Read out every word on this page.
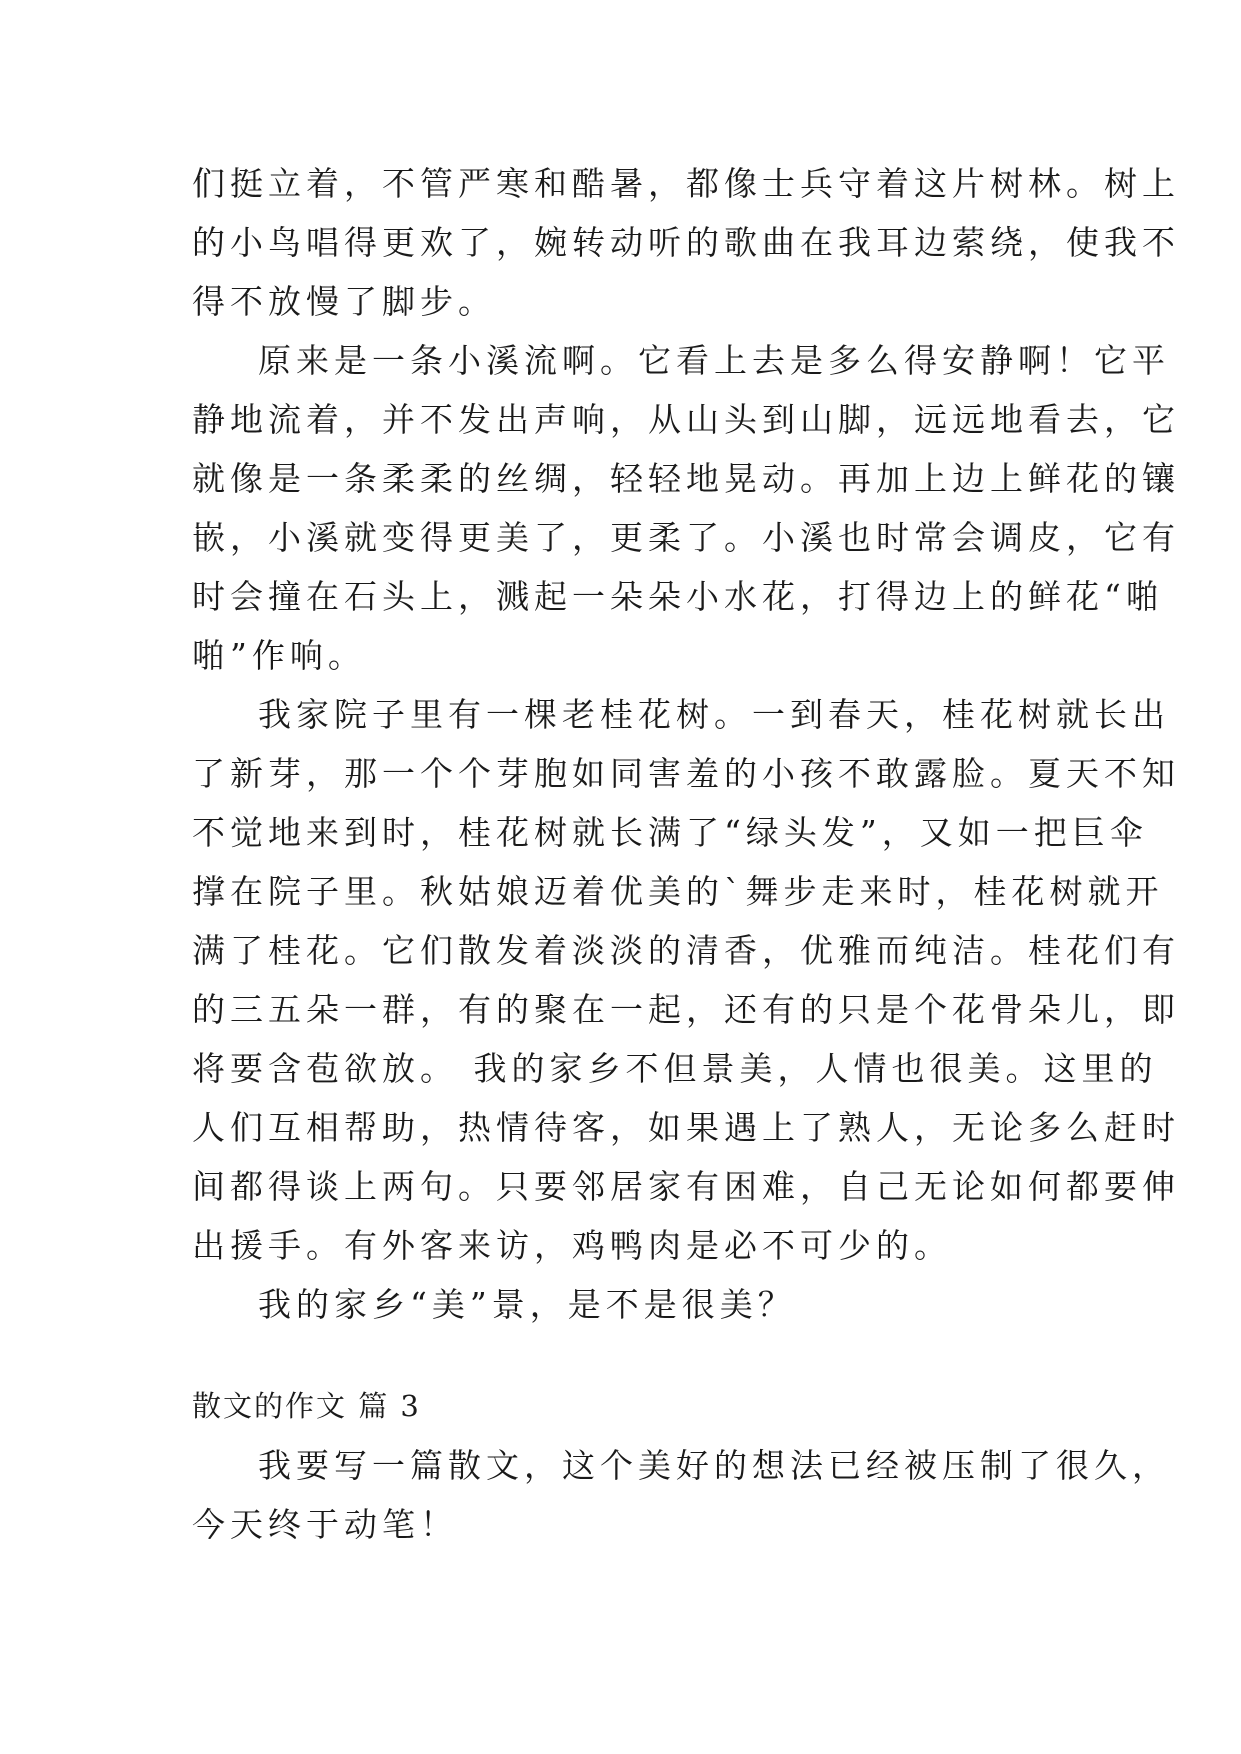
们挺立着，不管严寒和酷暑，都像士兵守着这片树林。树上
的小鸟唱得更欢了，婉转动听的歌曲在我耳边萦绕，使我不
得不放慢了脚步。
原来是一条小溪流啊。它看上去是多么得安静啊！它平
静地流着，并不发出声响，从山头到山脚，远远地看去，它
就像是一条柔柔的丝绸，轻轻地晃动。再加上边上鲜花的镶
嵌，小溪就变得更美了，更柔了。小溪也时常会调皮，它有
时会撞在石头上，溅起一朵朵小水花，打得边上的鲜花“啪
啪”作响。
我家院子里有一棵老桂花树。一到春天，桂花树就长出
了新芽，那一个个芽胞如同害羞的小孩不敢露脸。夏天不知
不觉地来到时，桂花树就长满了“绿头发”，又如一把巨伞
撑在院子里。秋姑娘迈着优美的`舞步走来时，桂花树就开
满了桂花。它们散发着淡淡的清香，优雅而纯洁。桂花们有
的三五朵一群，有的聚在一起，还有的只是个花骨朵儿，即
将要含苞欲放。 我的家乡不但景美，人情也很美。这里的
人们互相帮助，热情待客，如果遇上了熟人，无论多么赶时
间都得谈上两句。只要邻居家有困难，自己无论如何都要伸
出援手。有外客来访，鸡鸭肉是必不可少的。
我的家乡“美”景，是不是很美？
散文的作文 篇 3
我要写一篇散文，这个美好的想法已经被压制了很久，
今天终于动笔！
